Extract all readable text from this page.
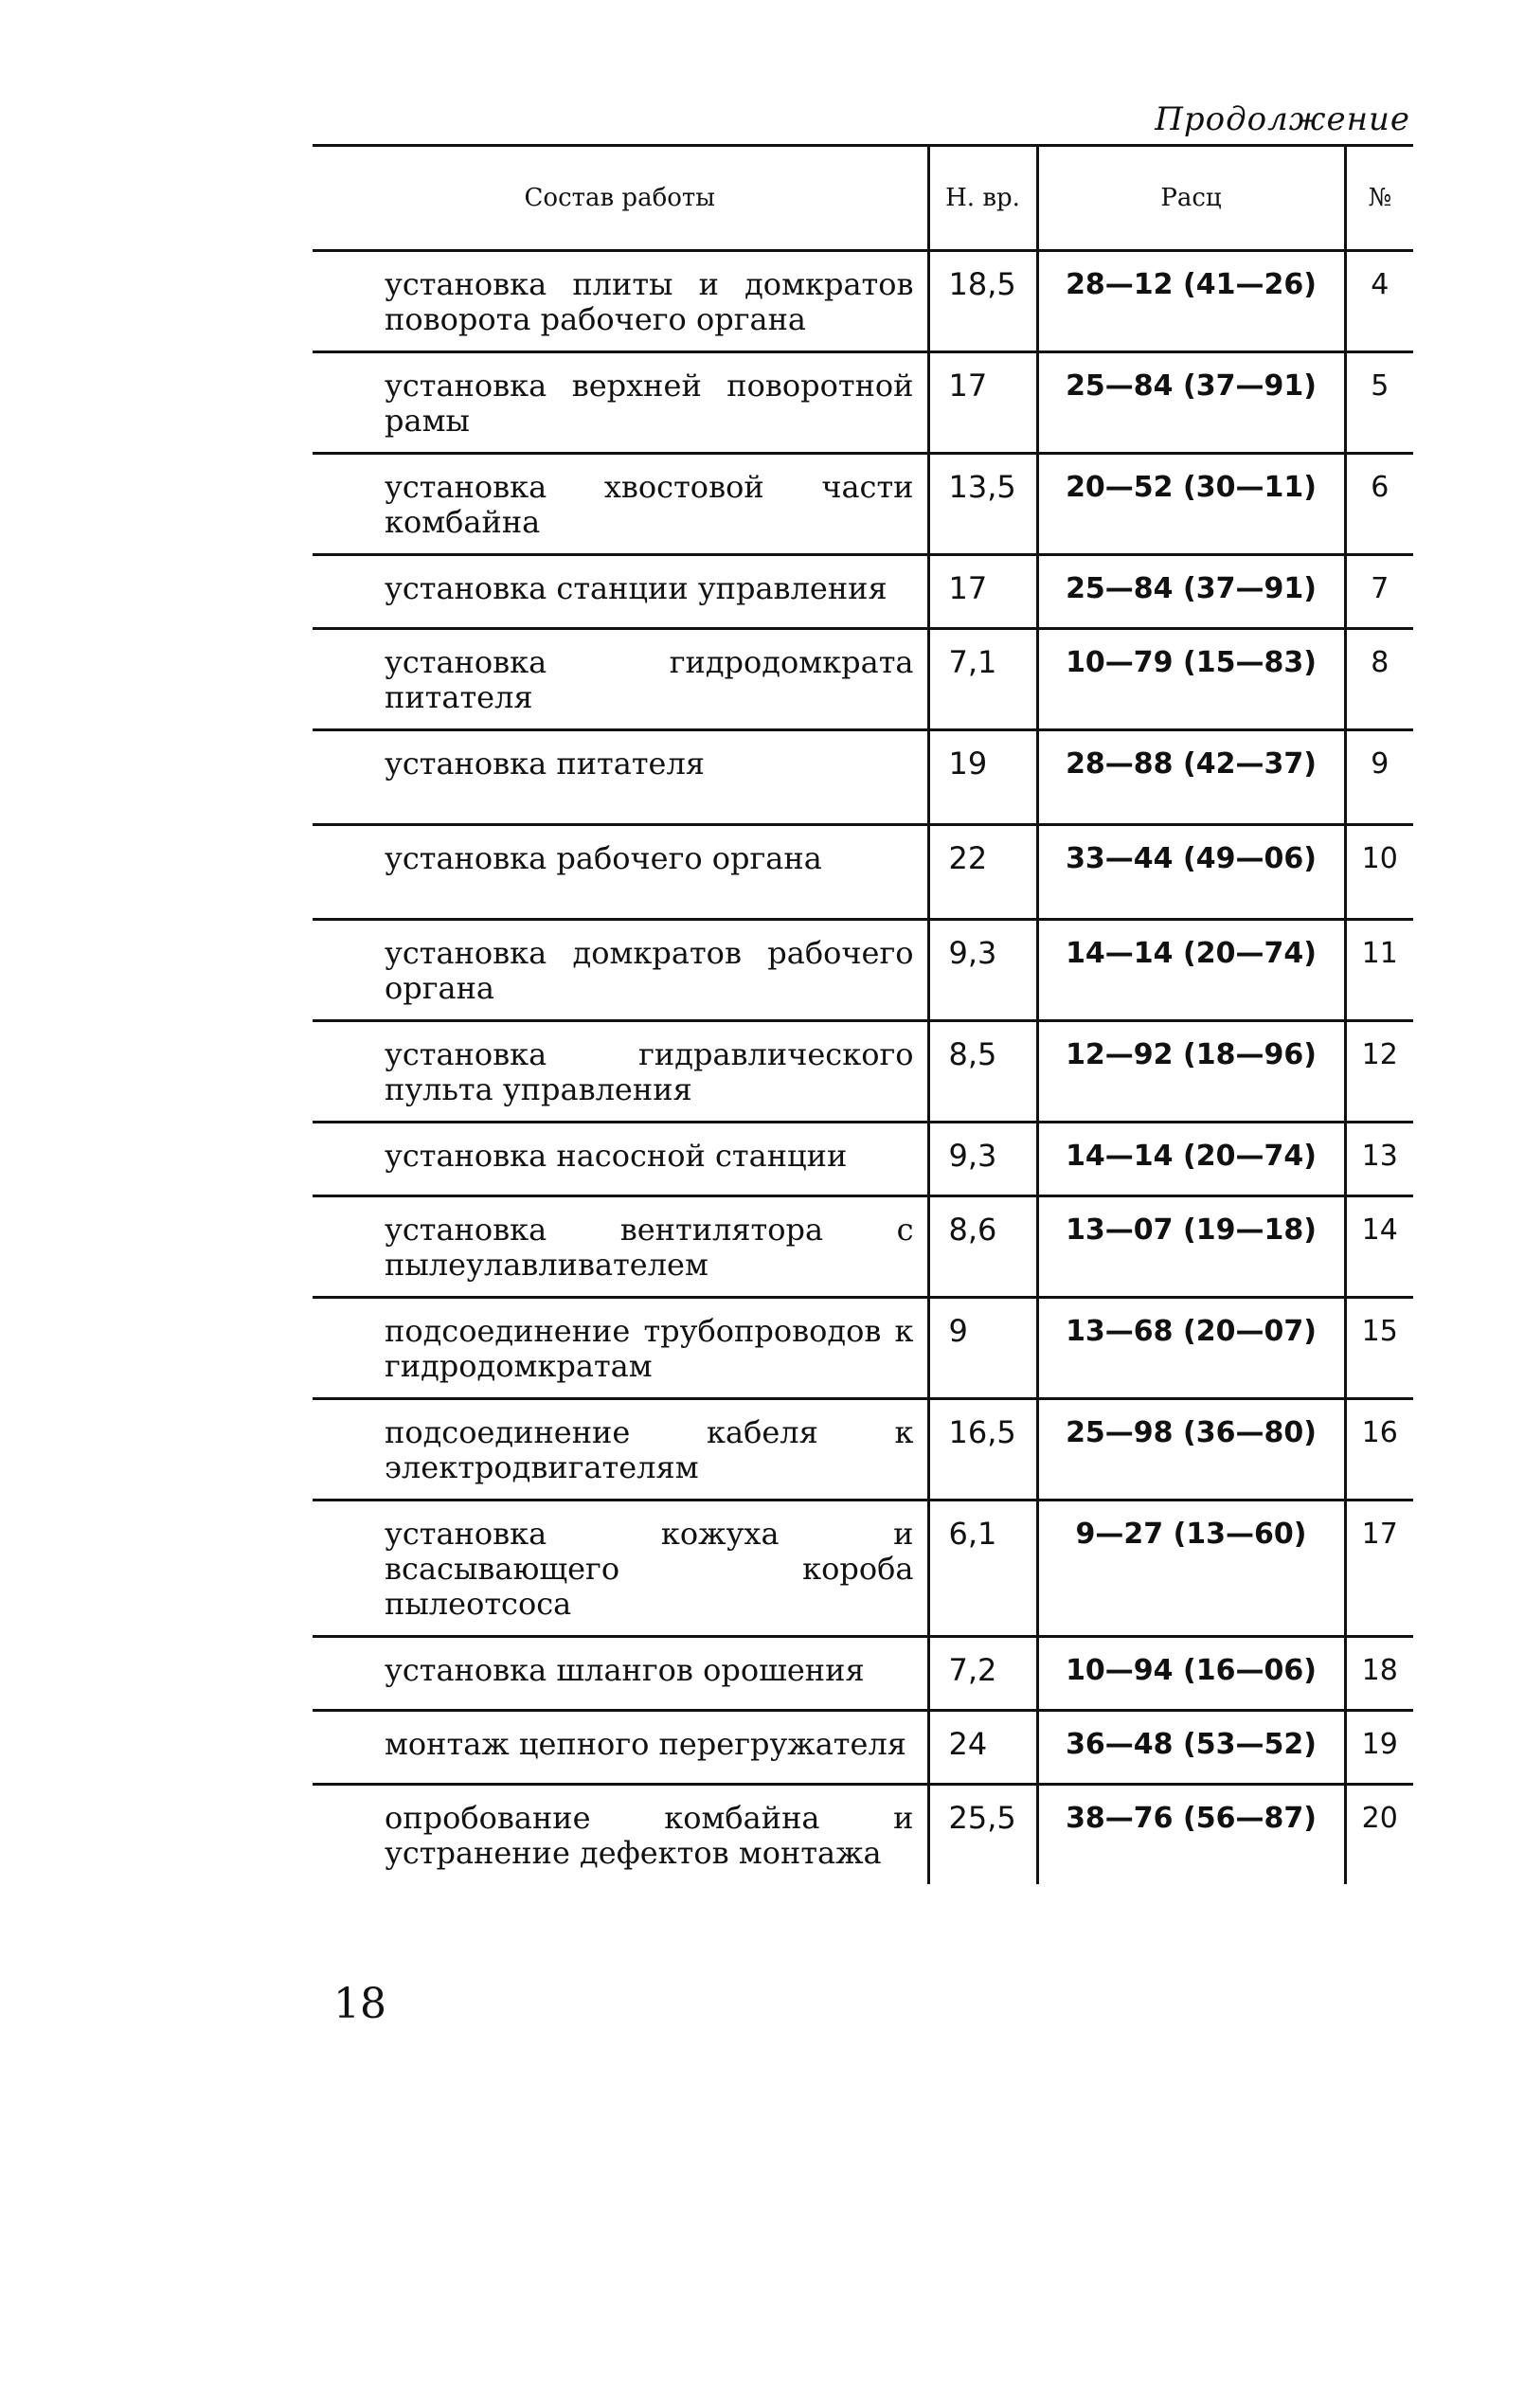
Продолжение
Состав работы	Н. вр.	Расц	№
установка плиты и домкратов поворота рабочего органа	18,5	28—12 (41—26)	4
установка верхней поворотной рамы	17	25—84 (37—91)	5
установка хвостовой части комбайна	13,5	20—52 (30—11)	6
установка станции управления	17	25—84 (37—91)	7
установка гидродомкрата питателя	7,1	10—79 (15—83)	8
установка питателя	19	28—88 (42—37)	9
установка рабочего органа	22	33—44 (49—06)	10
установка домкратов рабочего органа	9,3	14—14 (20—74)	11
установка гидравлического пульта управления	8,5	12—92 (18—96)	12
установка насосной станции	9,3	14—14 (20—74)	13
установка вентилятора с пылеулавливателем	8,6	13—07 (19—18)	14
подсоединение трубопроводов к гидродомкратам	9	13—68 (20—07)	15
подсоединение кабеля к электродвигателям	16,5	25—98 (36—80)	16
установка кожуха и всасывающего короба пылеотсоса	6,1	9—27 (13—60)	17
установка шлангов орошения	7,2	10—94 (16—06)	18
монтаж цепного перегружателя	24	36—48 (53—52)	19
опробование комбайна и устранение дефектов монтажа	25,5	38—76 (56—87)	20
18
